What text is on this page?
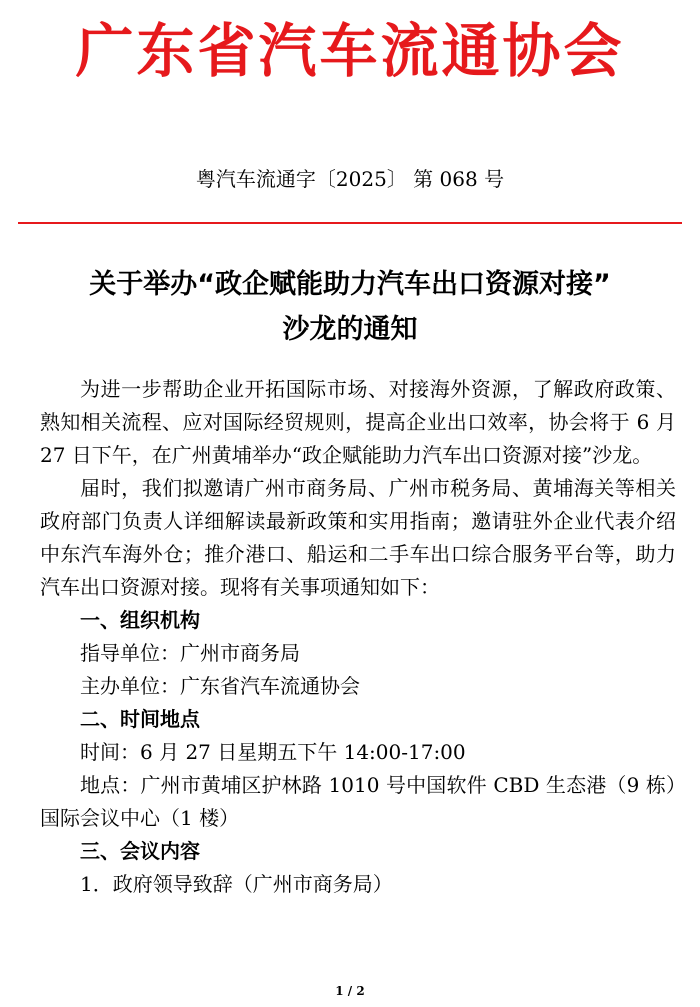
广东省汽车流通协会
粤汽车流通字〔2025〕 第 068 号
关于举办“政企赋能助力汽车出口资源对接”
沙龙的通知

为进一步帮助企业开拓国际市场、对接海外资源，了解政府政策、熟知相关流程、应对国际经贸规则，提高企业出口效率，协会将于 6 月 27 日下午，在广州黄埔举办“政企赋能助力汽车出口资源对接”沙龙。

届时，我们拟邀请广州市商务局、广州市税务局、黄埔海关等相关政府部门负责人详细解读最新政策和实用指南；邀请驻外企业代表介绍中东汽车海外仓；推介港口、船运和二手车出口综合服务平台等，助力汽车出口资源对接。现将有关事项通知如下：

一、组织机构

指导单位：广州市商务局

主办单位：广东省汽车流通协会

二、时间地点

时间：6 月 27 日星期五下午 14:00-17:00

地点：广州市黄埔区护林路 1010 号中国软件 CBD 生态港（9 栋）国际会议中心（1 楼）

三、会议内容

1．政府领导致辞（广州市商务局）

1 / 2
